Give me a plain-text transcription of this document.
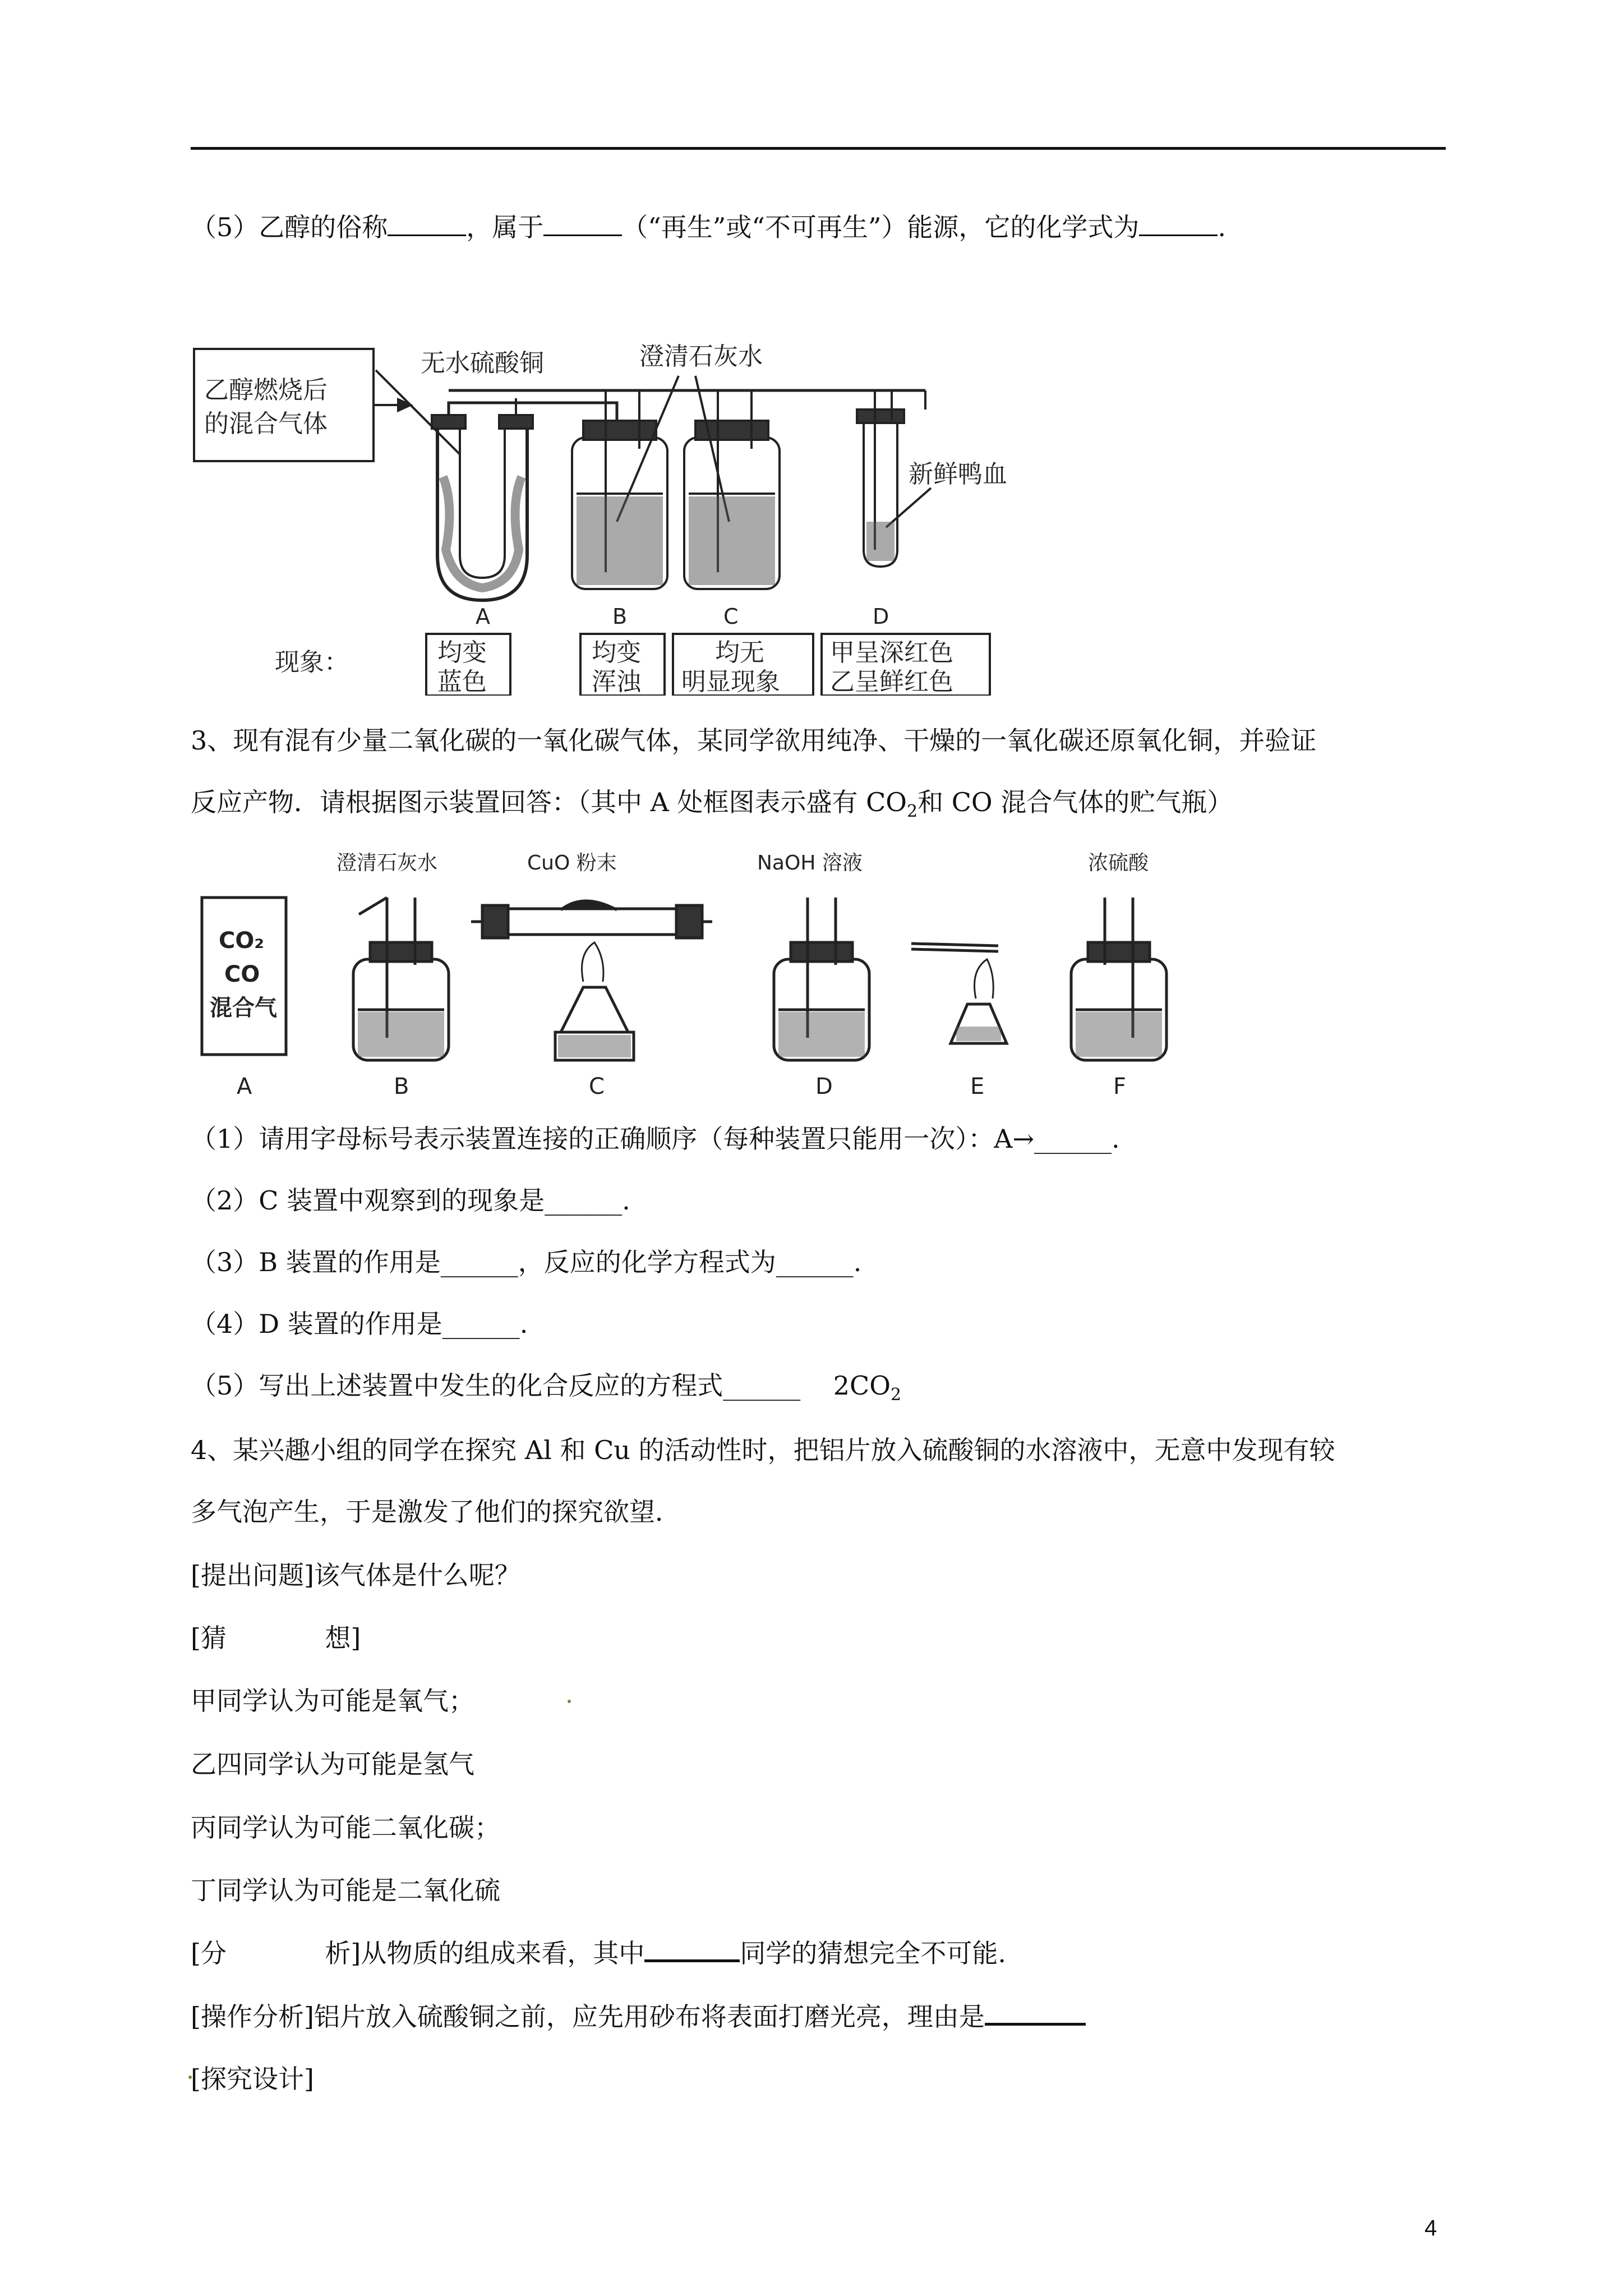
（5）乙醇的俗称	，属于	（“再生”或“不可再生”）能源，它的化学式为	.
乙醇燃烧后
的混合气体
无水硫酸铜	澄清石灰水
新鲜鸭血
A	B	C	D
现象：	均变
蓝色
均变
浑浊
均无
明显现象
甲呈深红色
乙呈鲜红色
3、现有混有少量二氧化碳的一氧化碳气体，某同学欲用纯净、干燥的一氧化碳还原氧化铜，并验证
反应产物．请根据图示装置回答：（其中 A 处框图表示盛有 $CO_2$和 CO 混合气体的贮气瓶）
CO₂
CO
混合气
澄清石灰水	CuO 粉末	NaOH 溶液	浓硫酸
A	B	C	D	E	F
（1）请用字母标号表示装置连接的正确顺序（每种装置只能用一次）：A→______.
（2）C 装置中观察到的现象是______.
（3）B 装置的作用是______，反应的化学方程式为______.
（4）D 装置的作用是______.
（5）写出上述装置中发生的化合反应的方程式______    $2CO_2$
4、某兴趣小组的同学在探究 Al 和 Cu 的活动性时，把铝片放入硫酸铜的水溶液中，无意中发现有较
多气泡产生，于是激发了他们的探究欲望．
[提出问题]该气体是什么呢？
[猜            想]
甲同学认为可能是氧气；
乙四同学认为可能是氢气
丙同学认为可能二氧化碳；
丁同学认为可能是二氧化硫
[分            析]从物质的组成来看，其中	同学的猜想完全不可能.
[操作分析]铝片放入硫酸铜之前，应先用砂布将表面打磨光亮，理由是
[探究设计]
4
